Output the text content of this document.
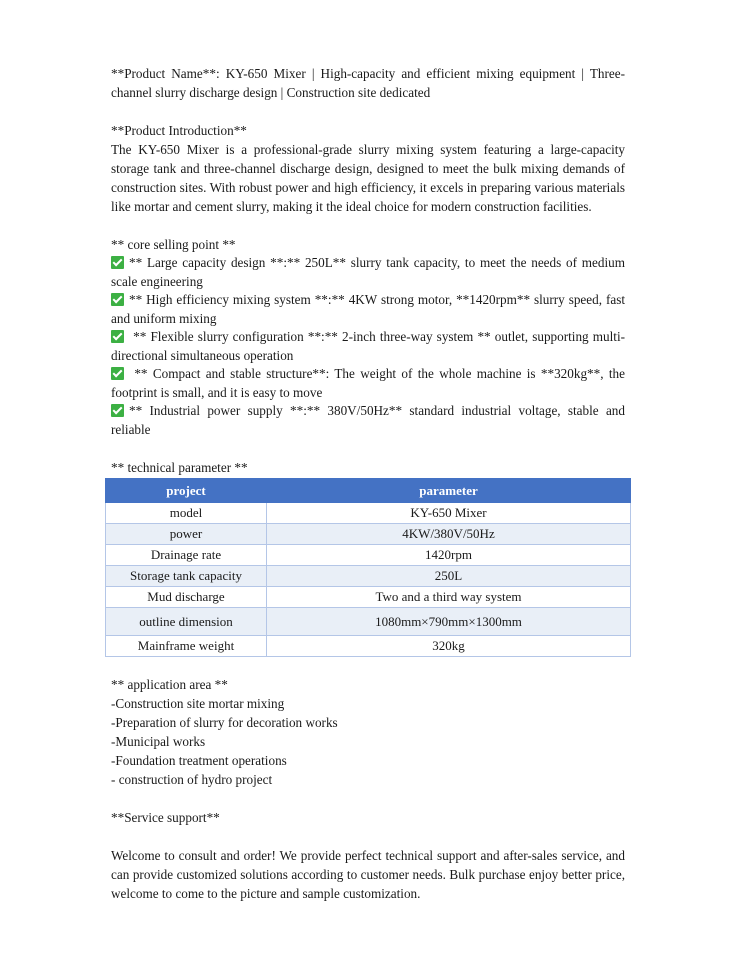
**Product Name**: KY-650 Mixer | High-capacity and efficient mixing equipment | Three-channel slurry discharge design | Construction site dedicated

**Product Introduction**

The KY-650 Mixer is a professional-grade slurry mixing system featuring a large-capacity storage tank and three-channel discharge design, designed to meet the bulk mixing demands of construction sites. With robust power and high efficiency, it excels in preparing various materials like mortar and cement slurry, making it the ideal choice for modern construction facilities.

** core selling point **

** Large capacity design **:** 250L** slurry tank capacity, to meet the needs of medium scale engineering

** High efficiency mixing system **:** 4KW strong motor, **1420rpm** slurry speed, fast and uniform mixing

** Flexible slurry configuration **:** 2-inch three-way system ** outlet, supporting multi-directional simultaneous operation

** Compact and stable structure**: The weight of the whole machine is **320kg**, the footprint is small, and it is easy to move

** Industrial power supply **:** 380V/50Hz** standard industrial voltage, stable and reliable

** technical parameter **

project	parameter
model	KY-650 Mixer
power	4KW/380V/50Hz
Drainage rate	1420rpm
Storage tank capacity	250L
Mud discharge	Two and a third way system
outline dimension	1080mm×790mm×1300mm
Mainframe weight	320kg

** application area **

-Construction site mortar mixing

-Preparation of slurry for decoration works

-Municipal works

-Foundation treatment operations

- construction of hydro project

**Service support**

Welcome to consult and order! We provide perfect technical support and after-sales service, and can provide customized solutions according to customer needs. Bulk purchase enjoy better price, welcome to come to the picture and sample customization.
